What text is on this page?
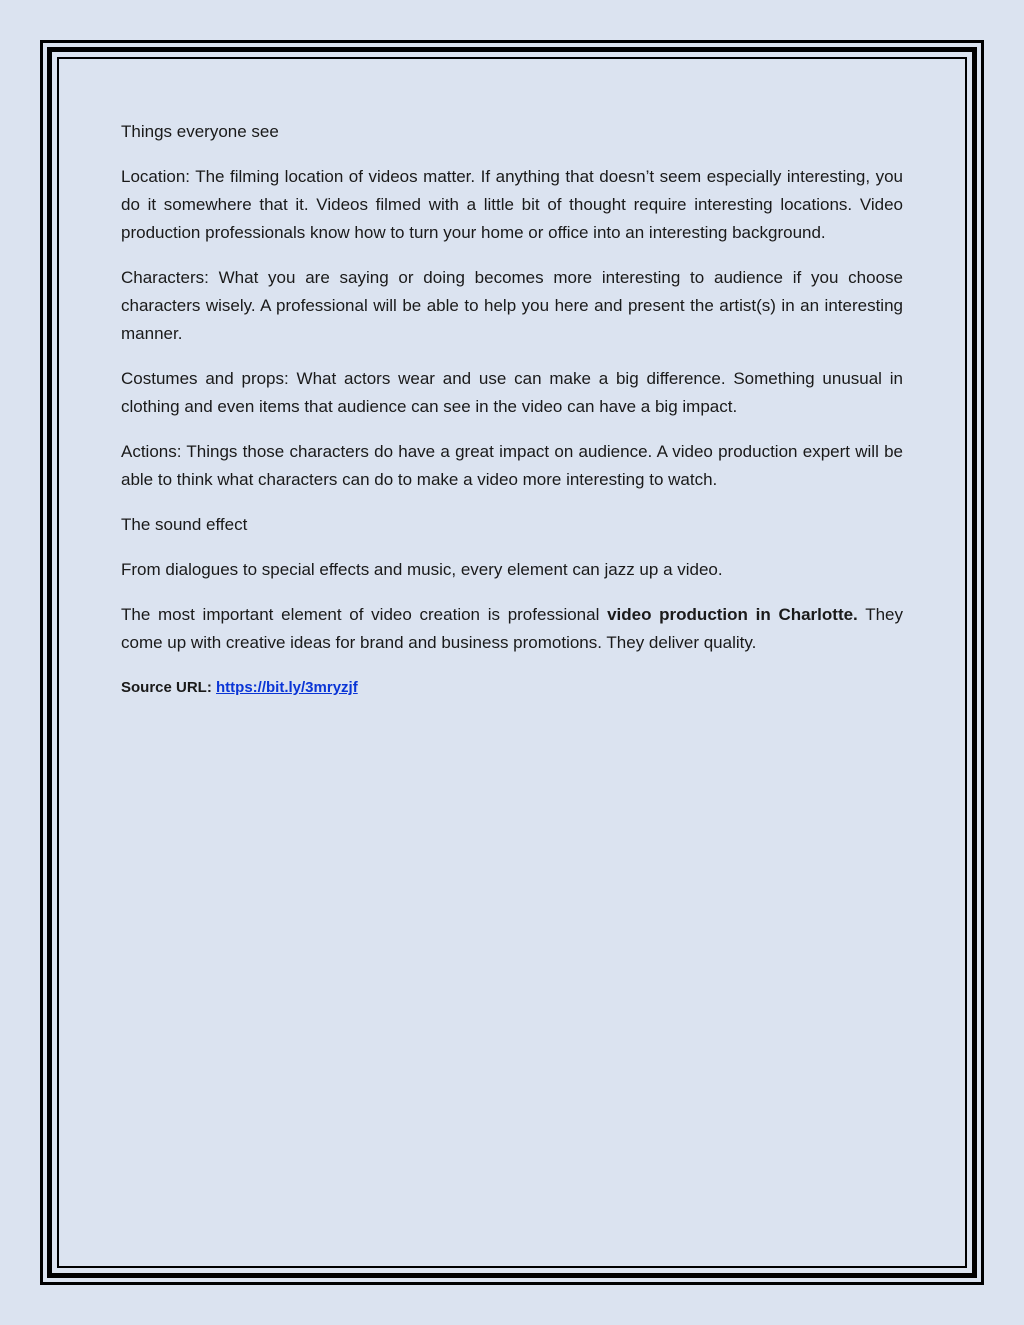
Things everyone see

Location: The filming location of videos matter. If anything that doesn’t seem especially interesting, you do it somewhere that it. Videos filmed with a little bit of thought require interesting locations. Video production professionals know how to turn your home or office into an interesting background.

Characters: What you are saying or doing becomes more interesting to audience if you choose characters wisely. A professional will be able to help you here and present the artist(s) in an interesting manner.

Costumes and props: What actors wear and use can make a big difference. Something unusual in clothing and even items that audience can see in the video can have a big impact.

Actions: Things those characters do have a great impact on audience. A video production expert will be able to think what characters can do to make a video more interesting to watch.

The sound effect

From dialogues to special effects and music, every element can jazz up a video.

The most important element of video creation is professional video production in Charlotte. They come up with creative ideas for brand and business promotions. They deliver quality.

Source URL: https://bit.ly/3mryzjf
